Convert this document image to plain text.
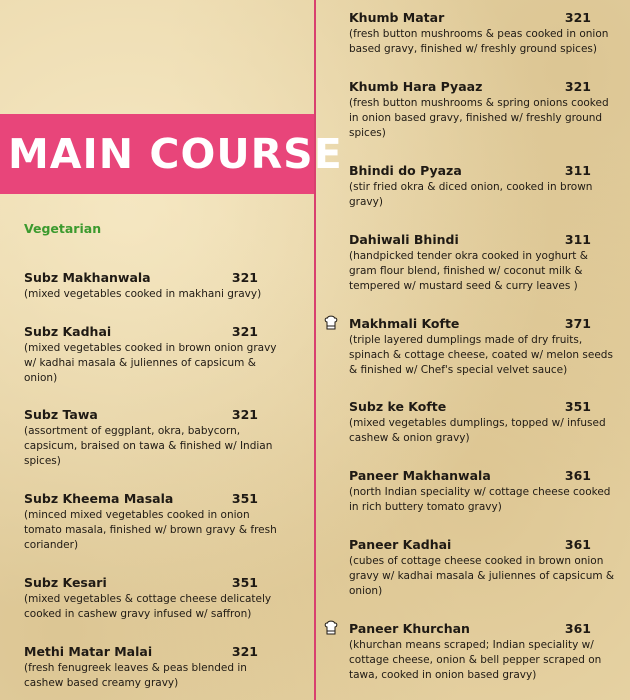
MAIN COURSE
Vegetarian
Subz Makhanwala	321
(mixed vegetables cooked in makhani gravy)
Subz Kadhai	321
(mixed vegetables cooked in brown onion gravy w/ kadhai masala & juliennes of capsicum & onion)
Subz Tawa	321
(assortment of eggplant, okra, babycorn, capsicum, braised on tawa & finished w/ Indian spices)
Subz Kheema Masala	351
(minced mixed vegetables cooked in onion tomato masala, finished w/ brown gravy & fresh coriander)
Subz Kesari	351
(mixed vegetables & cottage cheese delicately cooked in cashew gravy infused w/ saffron)
Methi Matar Malai	321
(fresh fenugreek leaves & peas blended in cashew based creamy gravy)
Khumb Matar	321
(fresh button mushrooms & peas cooked in onion based gravy, finished w/ freshly ground spices)
Khumb Hara Pyaaz	321
(fresh button mushrooms & spring onions cooked in onion based gravy, finished w/ freshly ground spices)
Bhindi do Pyaza	311
(stir fried okra & diced onion, cooked in brown gravy)
Dahiwali Bhindi	311
(handpicked tender okra cooked in yoghurt & gram flour blend, finished w/ coconut milk & tempered w/ mustard seed & curry leaves )
Makhmali Kofte	371
(triple layered dumplings made of dry fruits, spinach & cottage cheese, coated w/ melon seeds & finished w/ Chef's special velvet sauce)
Subz ke Kofte	351
(mixed vegetables dumplings, topped w/ infused cashew & onion gravy)
Paneer Makhanwala	361
(north Indian speciality w/ cottage cheese cooked in rich buttery tomato gravy)
Paneer Kadhai	361
(cubes of cottage cheese cooked in brown onion gravy w/ kadhai masala & juliennes of capsicum & onion)
Paneer Khurchan	361
(khurchan means scraped; Indian speciality w/ cottage cheese, onion & bell pepper scraped on tawa, cooked in onion based gravy)
